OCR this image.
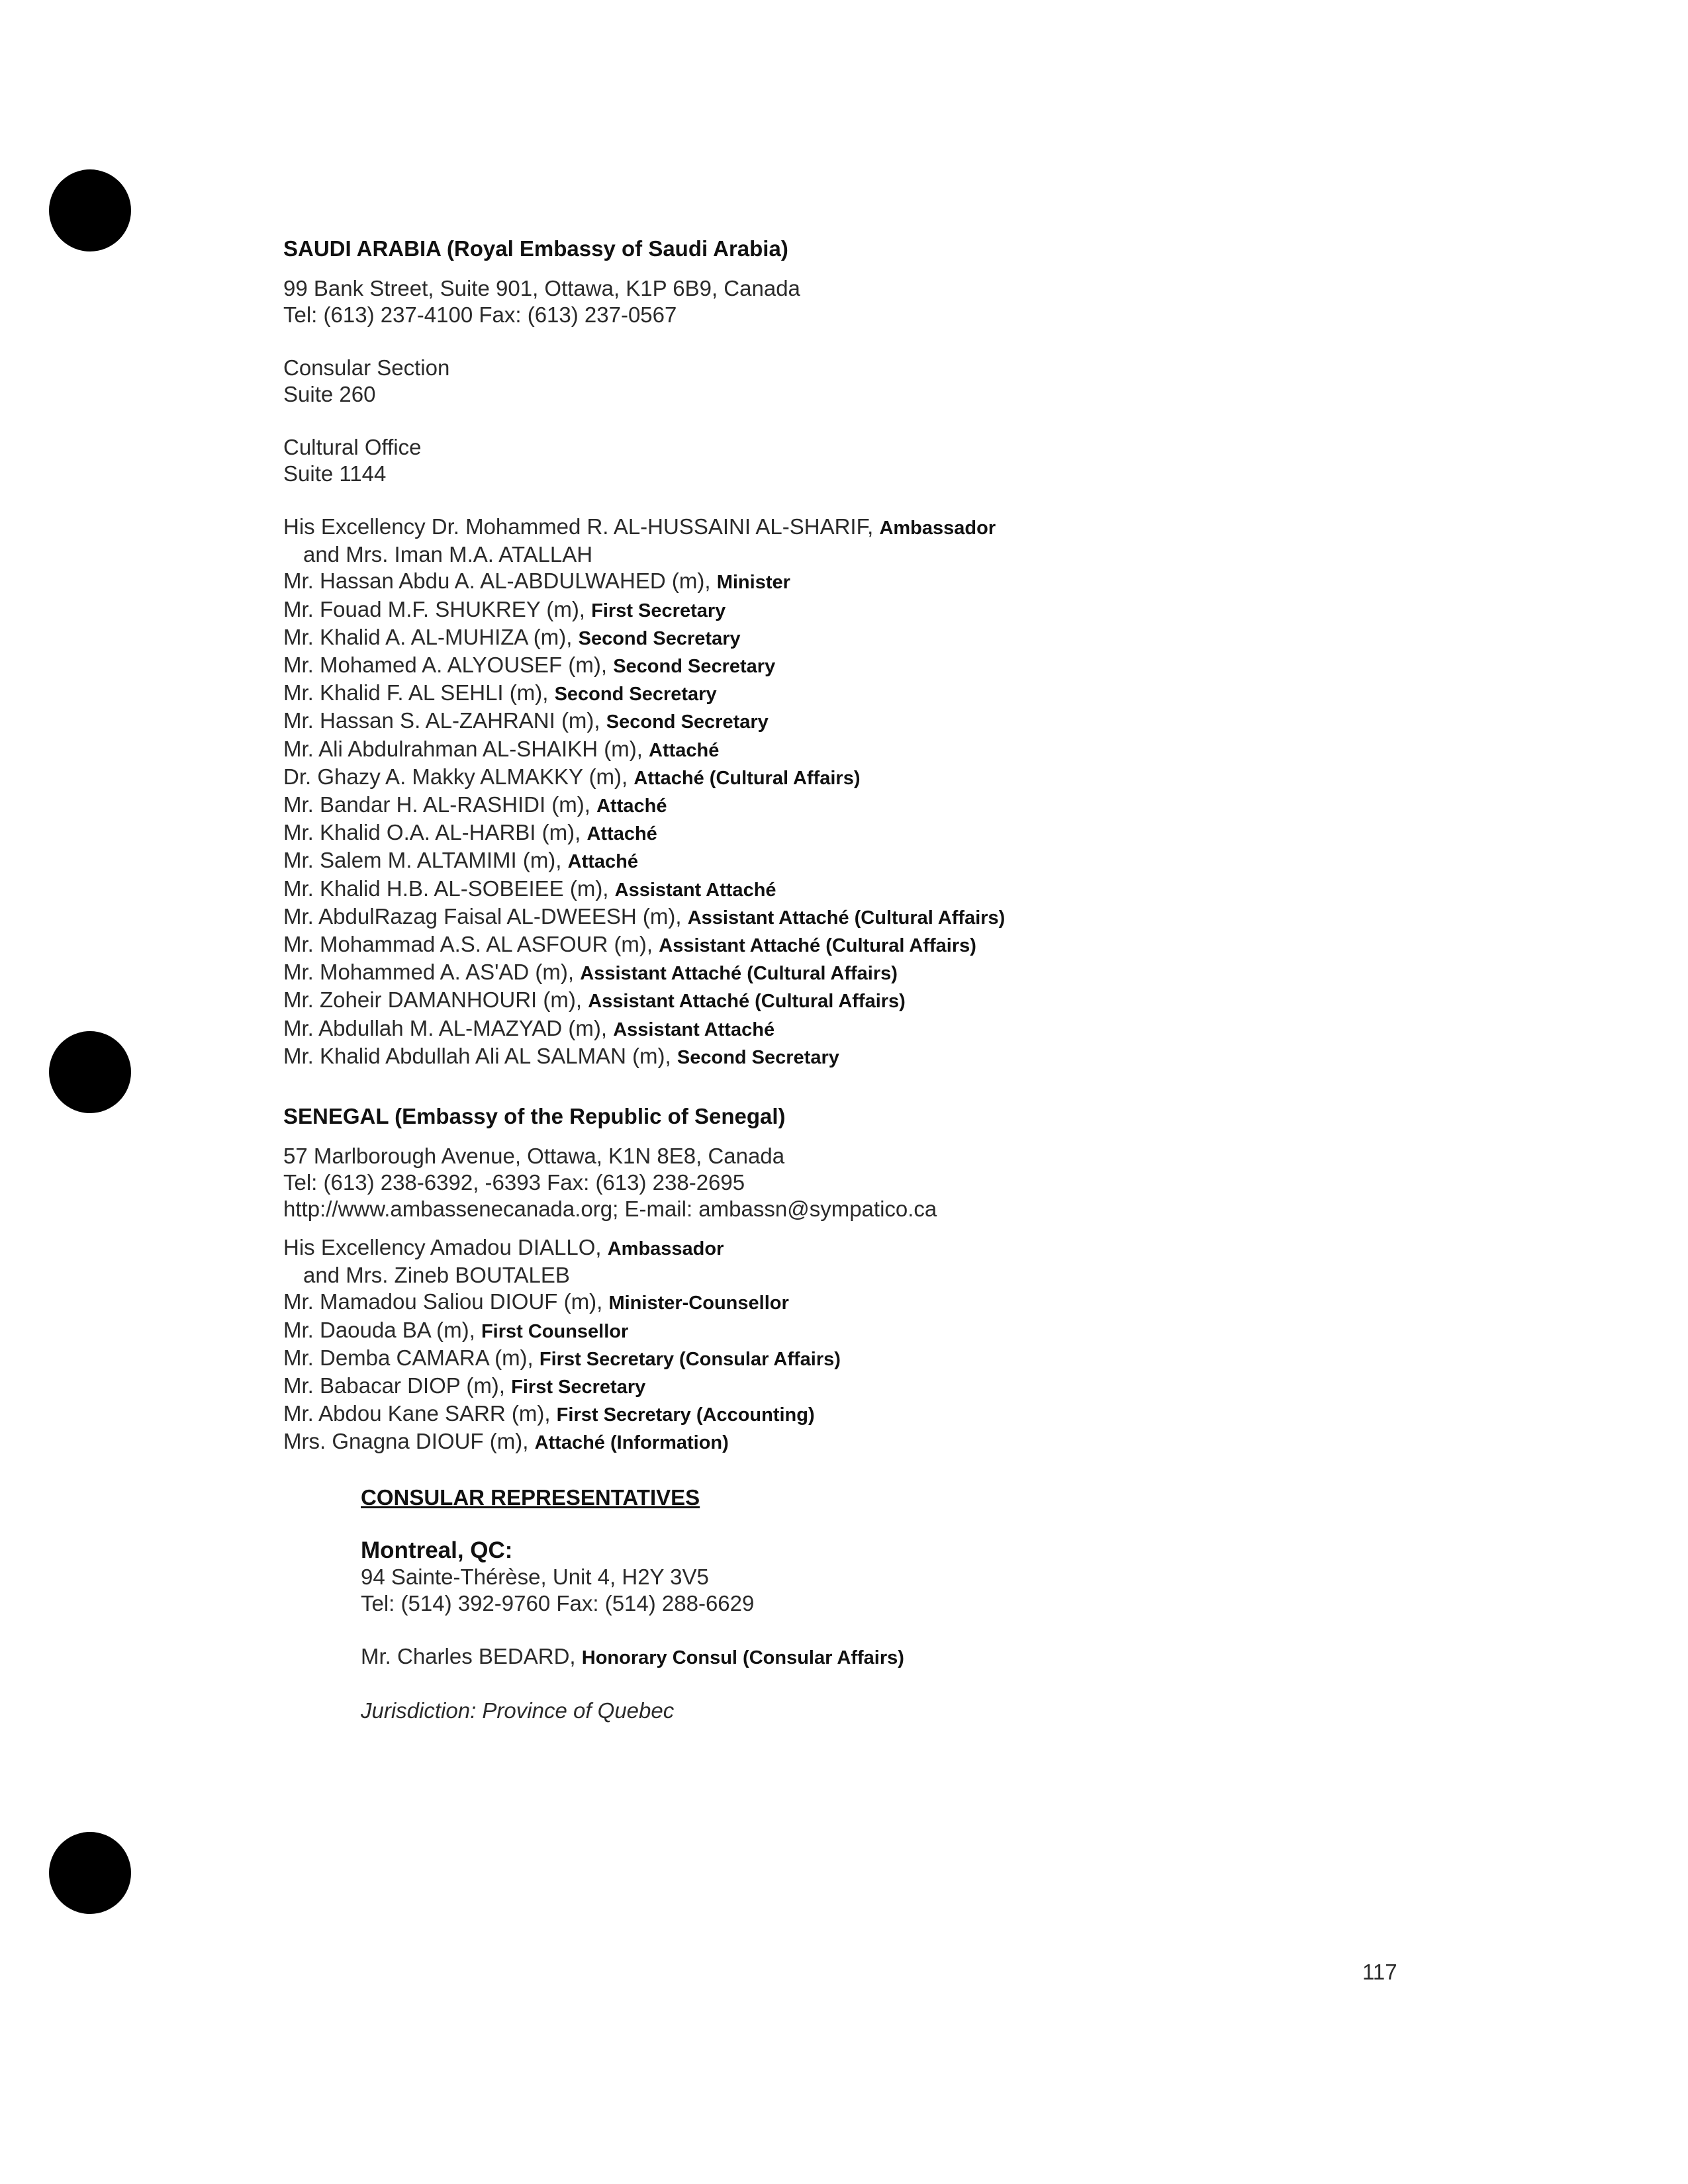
SAUDI ARABIA (Royal Embassy of Saudi Arabia)
99 Bank Street, Suite 901, Ottawa, K1P 6B9, Canada
Tel: (613) 237-4100 Fax: (613) 237-0567
Consular Section
Suite 260
Cultural Office
Suite 1144
His Excellency Dr. Mohammed R. AL-HUSSAINI AL-SHARIF, Ambassador
and Mrs. Iman M.A. ATALLAH
Mr. Hassan Abdu A. AL-ABDULWAHED (m), Minister
Mr. Fouad M.F. SHUKREY (m), First Secretary
Mr. Khalid A. AL-MUHIZA (m), Second Secretary
Mr. Mohamed A. ALYOUSEF (m), Second Secretary
Mr. Khalid F. AL SEHLI (m), Second Secretary
Mr. Hassan S. AL-ZAHRANI (m), Second Secretary
Mr. Ali Abdulrahman AL-SHAIKH (m), Attaché
Dr. Ghazy A. Makky ALMAKKY (m), Attaché (Cultural Affairs)
Mr. Bandar H. AL-RASHIDI (m), Attaché
Mr. Khalid O.A. AL-HARBI (m), Attaché
Mr. Salem M. ALTAMIMI (m), Attaché
Mr. Khalid H.B. AL-SOBEIEE (m), Assistant Attaché
Mr. AbdulRazag Faisal AL-DWEESH (m), Assistant Attaché (Cultural Affairs)
Mr. Mohammad A.S. AL ASFOUR (m), Assistant Attaché (Cultural Affairs)
Mr. Mohammed A. AS'AD (m), Assistant Attaché (Cultural Affairs)
Mr. Zoheir DAMANHOURI (m), Assistant Attaché (Cultural Affairs)
Mr. Abdullah M. AL-MAZYAD (m), Assistant Attaché
Mr. Khalid Abdullah Ali AL SALMAN (m), Second Secretary
SENEGAL (Embassy of the Republic of Senegal)
57 Marlborough Avenue, Ottawa, K1N 8E8, Canada
Tel: (613) 238-6392, -6393 Fax: (613) 238-2695
http://www.ambassenecanada.org; E-mail: ambassn@sympatico.ca
His Excellency Amadou DIALLO, Ambassador
and Mrs. Zineb BOUTALEB
Mr. Mamadou Saliou DIOUF (m), Minister-Counsellor
Mr. Daouda BA (m), First Counsellor
Mr. Demba CAMARA (m), First Secretary (Consular Affairs)
Mr. Babacar DIOP (m), First Secretary
Mr. Abdou Kane SARR (m), First Secretary (Accounting)
Mrs. Gnagna DIOUF (m), Attaché (Information)
CONSULAR REPRESENTATIVES
Montreal, QC:
94 Sainte-Thérèse, Unit 4, H2Y 3V5
Tel: (514) 392-9760 Fax: (514) 288-6629
Mr. Charles BEDARD, Honorary Consul (Consular Affairs)
Jurisdiction: Province of Quebec
117
